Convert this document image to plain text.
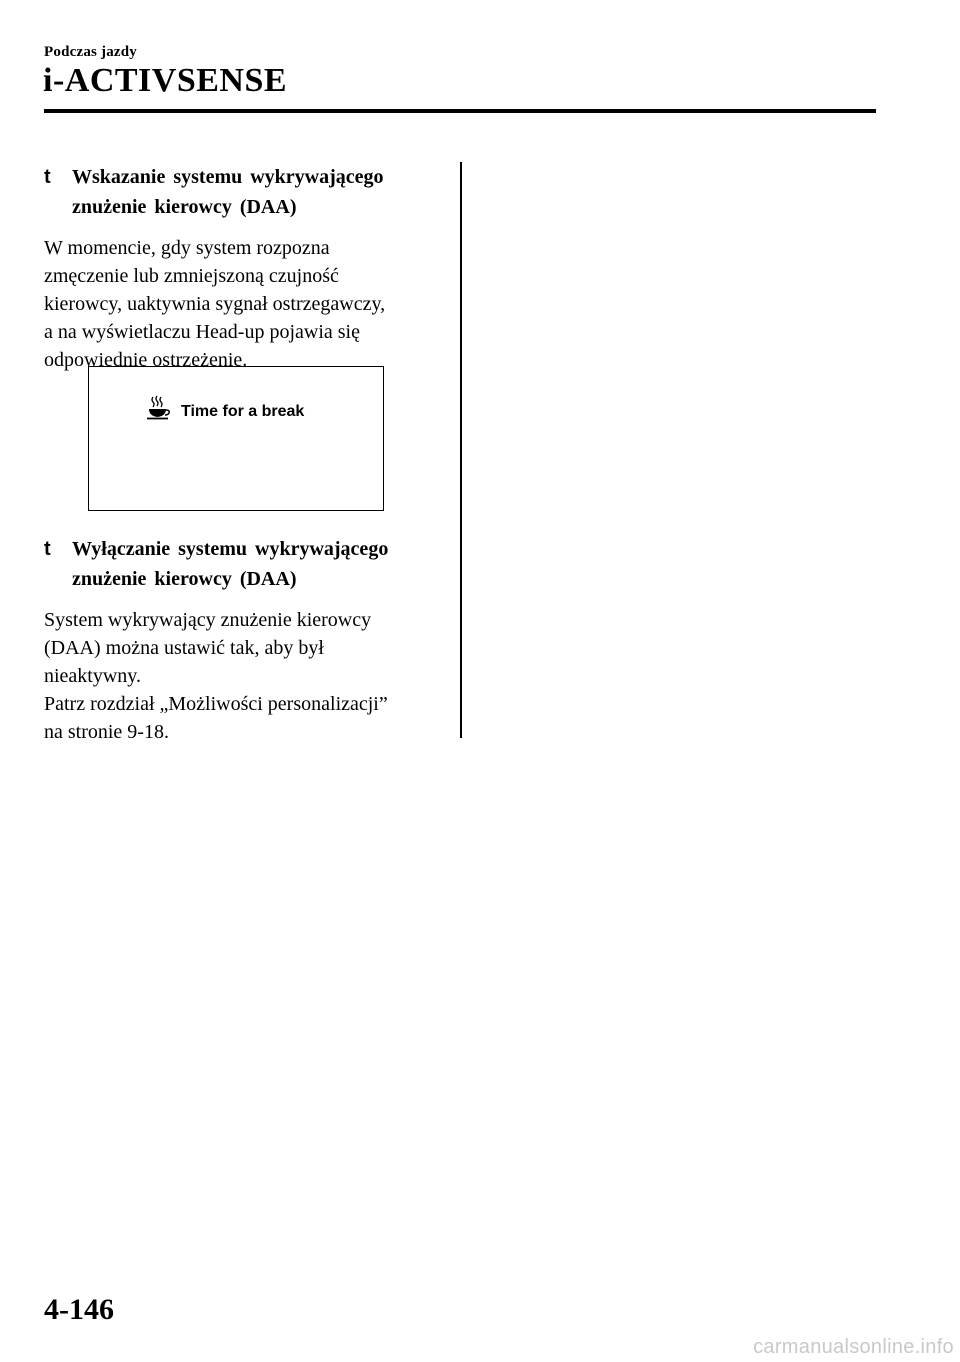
Podczas jazdy
i-ACTIVSENSE
t	Wskazanie systemu wykrywającego
znużenie kierowcy (DAA)
W momencie, gdy system rozpozna
zmęczenie lub zmniejszoną czujność
kierowcy, uaktywnia sygnał ostrzegawczy,
a na wyświetlaczu Head-up pojawia się
odpowiednie ostrzeżenie.
Time for a break
t	Wyłączanie systemu wykrywającego
znużenie kierowcy (DAA)
System wykrywający znużenie kierowcy
(DAA) można ustawić tak, aby był
nieaktywny.
Patrz rozdział „Możliwości personalizacji”
na stronie 9-18.
4-146
carmanualsonline.info
